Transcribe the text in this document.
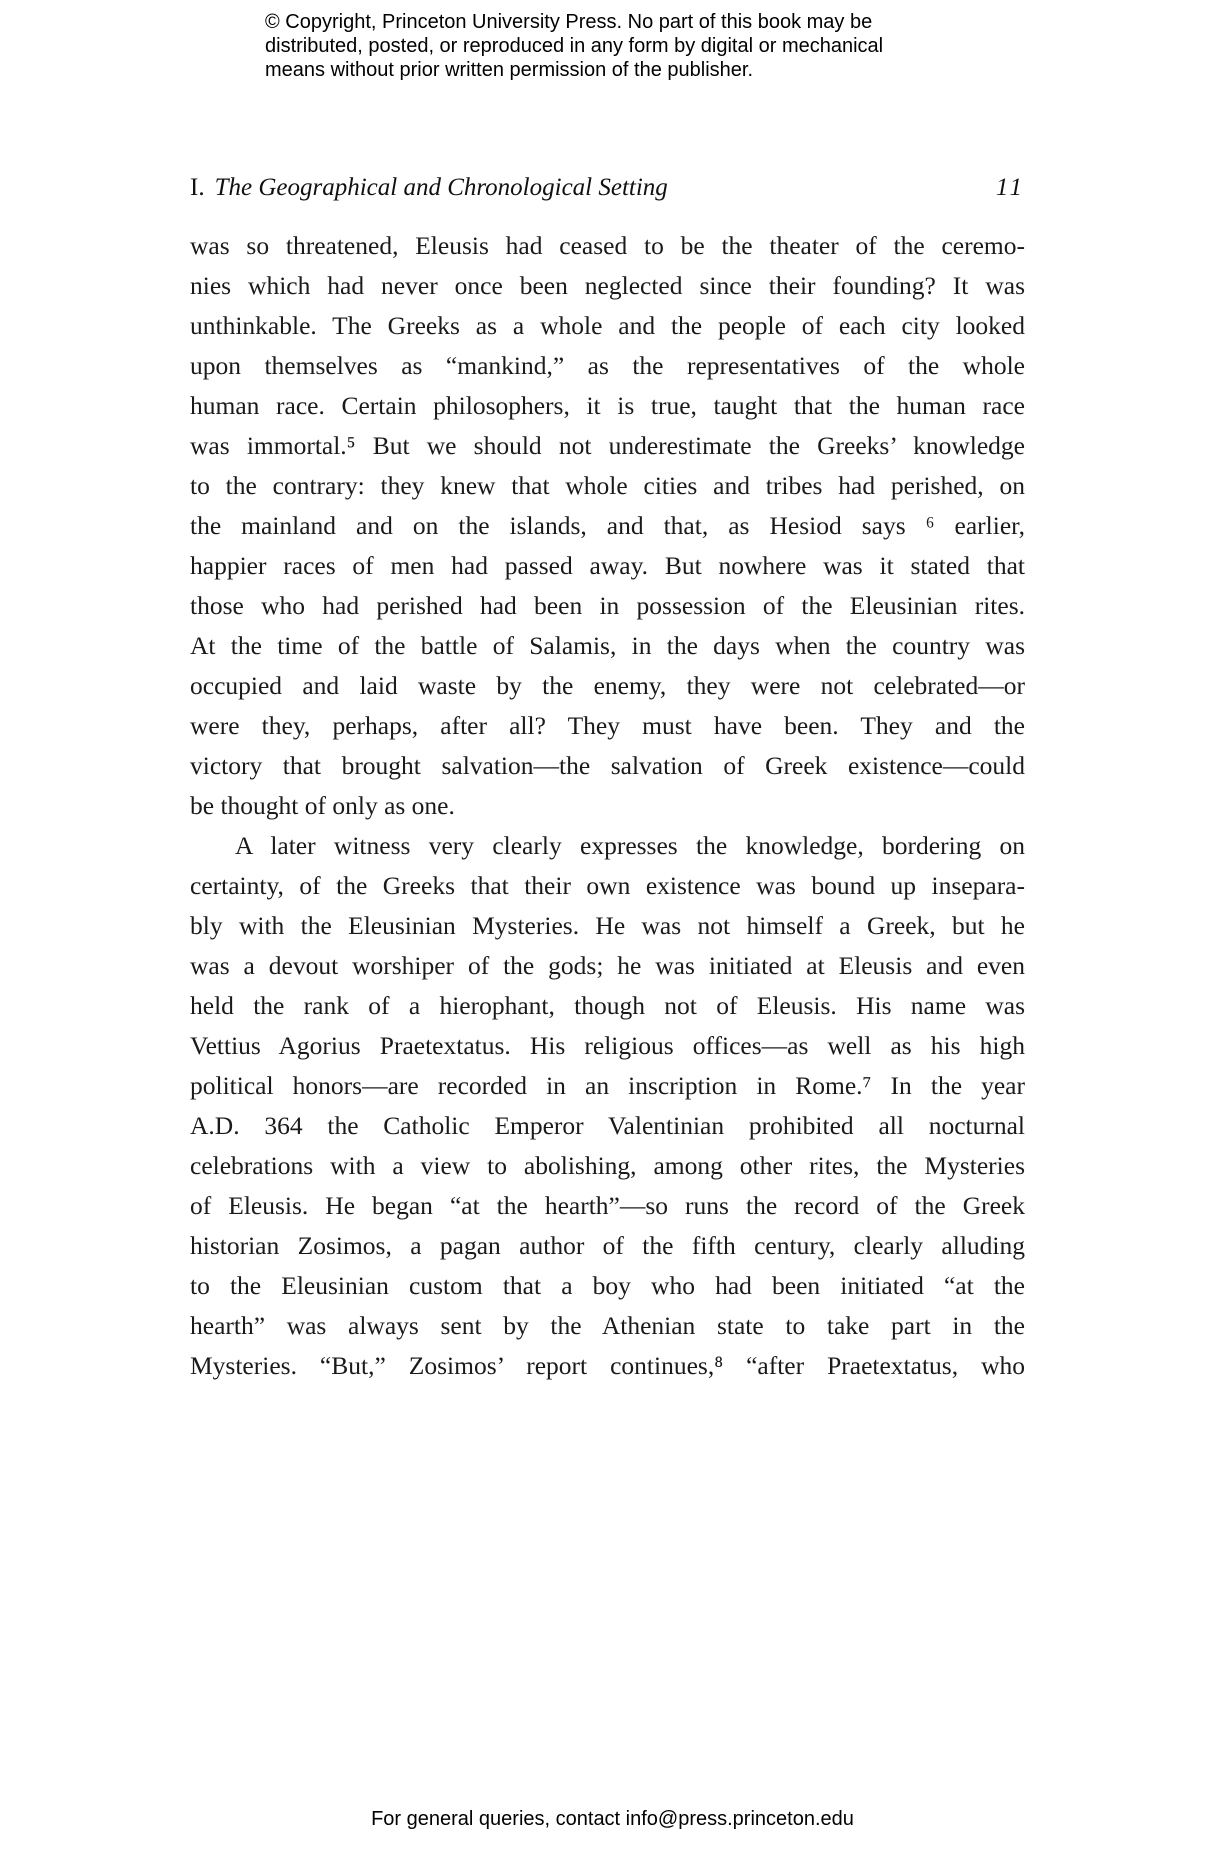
© Copyright, Princeton University Press. No part of this book may be
distributed, posted, or reproduced in any form by digital or mechanical
means without prior written permission of the publisher.
I. The Geographical and Chronological Setting	11
was so threatened, Eleusis had ceased to be the theater of the ceremo-
nies which had never once been neglected since their founding? It was
unthinkable. The Greeks as a whole and the people of each city looked
upon themselves as “mankind,” as the representatives of the whole
human race. Certain philosophers, it is true, taught that the human race
was immortal.⁵ But we should not underestimate the Greeks’ knowledge
to the contrary: they knew that whole cities and tribes had perished, on
the mainland and on the islands, and that, as Hesiod says ⁶ earlier,
happier races of men had passed away. But nowhere was it stated that
those who had perished had been in possession of the Eleusinian rites.
At the time of the battle of Salamis, in the days when the country was
occupied and laid waste by the enemy, they were not celebrated—or
were they, perhaps, after all? They must have been. They and the
victory that brought salvation—the salvation of Greek existence—could
be thought of only as one.
A later witness very clearly expresses the knowledge, bordering on
certainty, of the Greeks that their own existence was bound up insepara-
bly with the Eleusinian Mysteries. He was not himself a Greek, but he
was a devout worshiper of the gods; he was initiated at Eleusis and even
held the rank of a hierophant, though not of Eleusis. His name was
Vettius Agorius Praetextatus. His religious offices—as well as his high
political honors—are recorded in an inscription in Rome.⁷ In the year
A.D. 364 the Catholic Emperor Valentinian prohibited all nocturnal
celebrations with a view to abolishing, among other rites, the Mysteries
of Eleusis. He began “at the hearth”—so runs the record of the Greek
historian Zosimos, a pagan author of the fifth century, clearly alluding
to the Eleusinian custom that a boy who had been initiated “at the
hearth” was always sent by the Athenian state to take part in the
Mysteries. “But,” Zosimos’ report continues,⁸ “after Praetextatus, who
For general queries, contact info@press.princeton.edu
